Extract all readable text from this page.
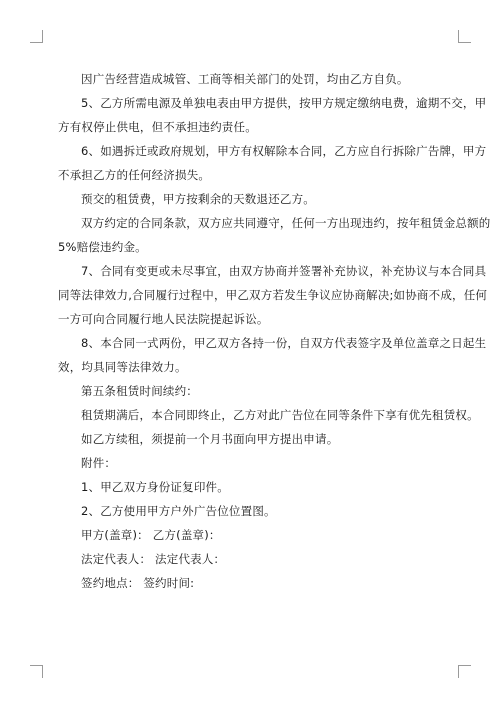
因广告经营造成城管、工商等相关部门的处罚，均由乙方自负。
5、乙方所需电源及单独电表由甲方提供，按甲方规定缴纳电费，逾期不交，甲
方有权停止供电，但不承担违约责任。
6、如遇拆迁或政府规划，甲方有权解除本合同，乙方应自行拆除广告牌，甲方
不承担乙方的任何经济损失。
预交的租赁费，甲方按剩余的天数退还乙方。
双方约定的合同条款，双方应共同遵守，任何一方出现违约，按年租赁金总额的
5%赔偿违约金。
7、合同有变更或未尽事宜，由双方协商并签署补充协议，补充协议与本合同具
同等法律效力,合同履行过程中，甲乙双方若发生争议应协商解决;如协商不成，任何
一方可向合同履行地人民法院提起诉讼。
8、本合同一式两份，甲乙双方各持一份，自双方代表签字及单位盖章之日起生
效，均具同等法律效力。
第五条租赁时间续约：
租赁期满后，本合同即终止，乙方对此广告位在同等条件下享有优先租赁权。
如乙方续租，须提前一个月书面向甲方提出申请。
附件：
1、甲乙双方身份证复印件。
2、乙方使用甲方户外广告位位置图。
甲方(盖章)： 乙方(盖章)：
法定代表人： 法定代表人：
签约地点： 签约时间:
